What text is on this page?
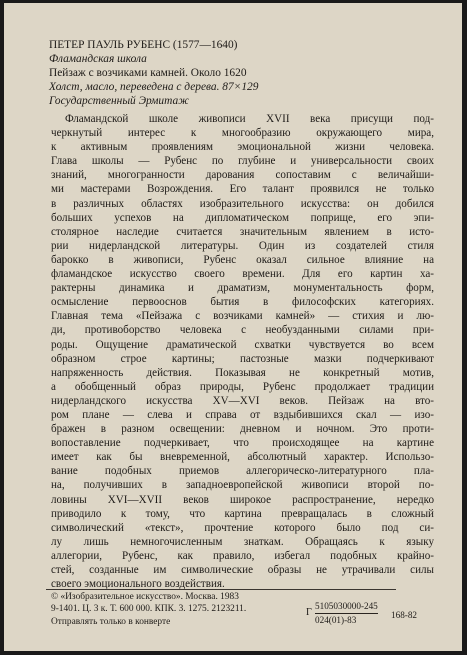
ПЕТЕР ПАУЛЬ РУБЕНС (1577—1640)
Фламандская школа
Пейзаж с возчиками камней. Около 1620
Холст, масло, переведена с дерева. 87×129
Государственный Эрмитаж
Фламандской школе живописи XVII века присущи под-
черкнутый интерес к многообразию окружающего мира,
к активным проявлениям эмоциональной жизни человека.
Глава школы — Рубенс по глубине и универсальности своих
знаний, многогранности дарования сопоставим с величайши-
ми мастерами Возрождения. Его талант проявился не только
в различных областях изобразительного искусства: он добился
больших успехов на дипломатическом поприще, его эпи-
столярное наследие считается значительным явлением в исто-
рии нидерландской литературы. Один из создателей стиля
барокко в живописи, Рубенс оказал сильное влияние на
фламандское искусство своего времени. Для его картин ха-
рактерны динамика и драматизм, монументальность форм,
осмысление первооснов бытия в философских категориях.
Главная тема «Пейзажа с возчиками камней» — стихия и лю-
ди, противоборство человека с необузданными силами при-
роды. Ощущение драматической схватки чувствуется во всем
образном строе картины; пастозные мазки подчеркивают
напряженность действия. Показывая не конкретный мотив,
а обобщенный образ природы, Рубенс продолжает традиции
нидерландского искусства XV—XVI веков. Пейзаж на вто-
ром плане — слева и справа от вздыбившихся скал — изо-
бражен в разном освещении: дневном и ночном. Это проти-
вопоставление подчеркивает, что происходящее на картине
имеет как бы вневременной, абсолютный характер. Использо-
вание подобных приемов аллегорическо-литературного пла-
на, получивших в западноевропейской живописи второй по-
ловины XVI—XVII веков широкое распространение, нередко
приводило к тому, что картина превращалась в сложный
символический «текст», прочтение которого было под си-
лу лишь немногочисленным знаткам. Обращаясь к языку
аллегории, Рубенс, как правило, избегал подобных крайно-
стей, созданные им символические образы не утрачивали силы
своего эмоционального воздействия.
© «Изобразительное искусство». Москва. 1983
9-1401. Ц. 3 к. Т. 600 000. КПК. 3. 1275. 2123211.
Отправлять только в конверте
Г $\frac{5105030000-245}{024(01)-83} 168-82$
